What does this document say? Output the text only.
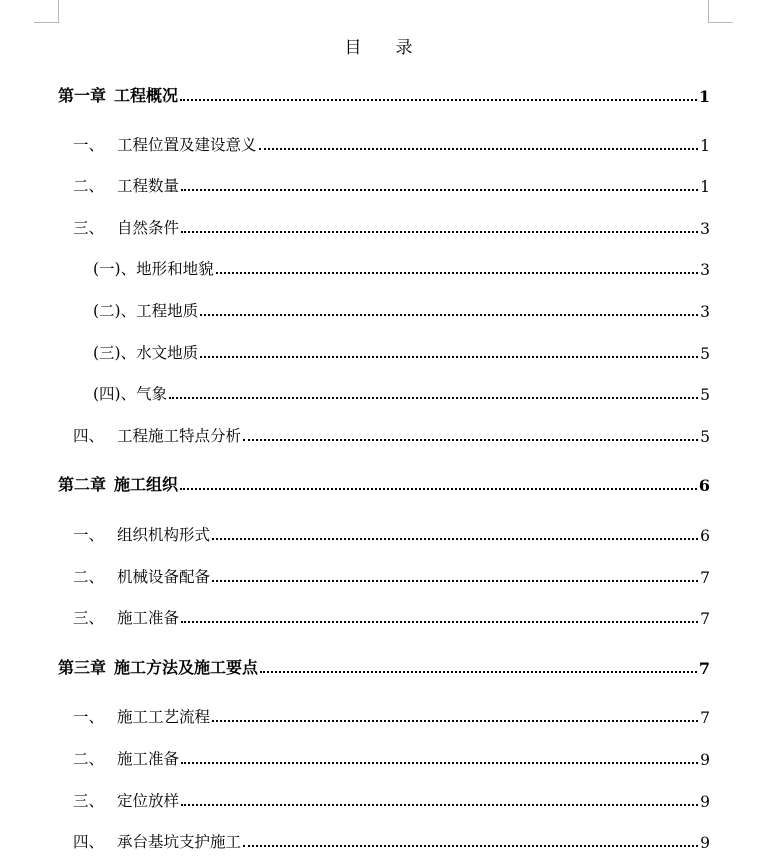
目 录
第一章 工程概况	1
一、 工程位置及建设意义	1
二、 工程数量	1
三、 自然条件	3
(一)、 地形和地貌	3
(二)、 工程地质	3
(三)、 水文地质	5
(四)、 气象	5
四、 工程施工特点分析	5
第二章 施工组织	6
一、 组织机构形式	6
二、 机械设备配备	7
三、 施工准备	7
第三章 施工方法及施工要点	7
一、 施工工艺流程	7
二、 施工准备	9
三、 定位放样	9
四、 承台基坑支护施工	9
